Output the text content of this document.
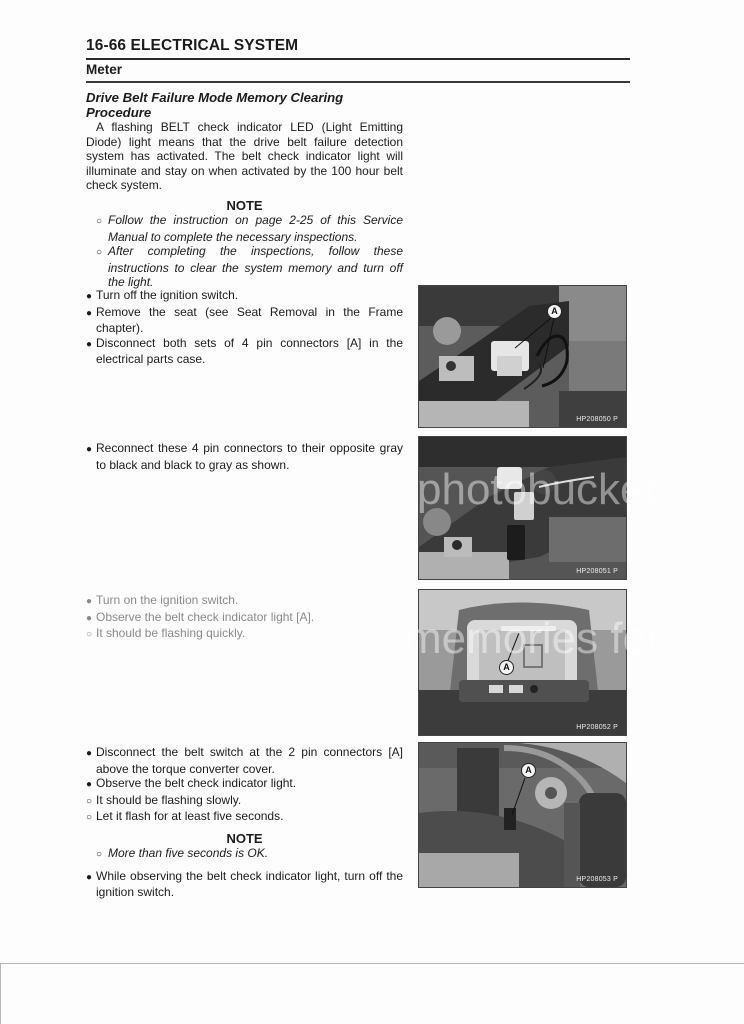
16-66 ELECTRICAL SYSTEM
Meter
Drive Belt Failure Mode Memory Clearing
Procedure
A flashing BELT check indicator LED (Light Emitting Diode) light means that the drive belt failure detection system has activated. The belt check indicator light will illuminate and stay on when activated by the 100 hour belt check system.
NOTE
○ Follow the instruction on page 2-25 of this Service Manual to complete the necessary inspections.
○ After completing the inspections, follow these instructions to clear the system memory and turn off the light.
● Turn off the ignition switch.
● Remove the seat (see Seat Removal in the Frame chapter).
● Disconnect both sets of 4 pin connectors [A] in the electrical parts case.
● Reconnect these 4 pin connectors to their opposite gray to black and black to gray as shown.
● Turn on the ignition switch.
● Observe the belt check indicator light [A].
○ It should be flashing quickly.
● Disconnect the belt switch at the 2 pin connectors [A] above the torque converter cover.
● Observe the belt check indicator light.
○ It should be flashing slowly.
○ Let it flash for at least five seconds.
NOTE
○ More than five seconds is OK.
● While observing the belt check indicator light, turn off the ignition switch.
A
HP208050 P
photobucket
HP208051 P
A
memories for
HP208052 P
A
HP208053 P
